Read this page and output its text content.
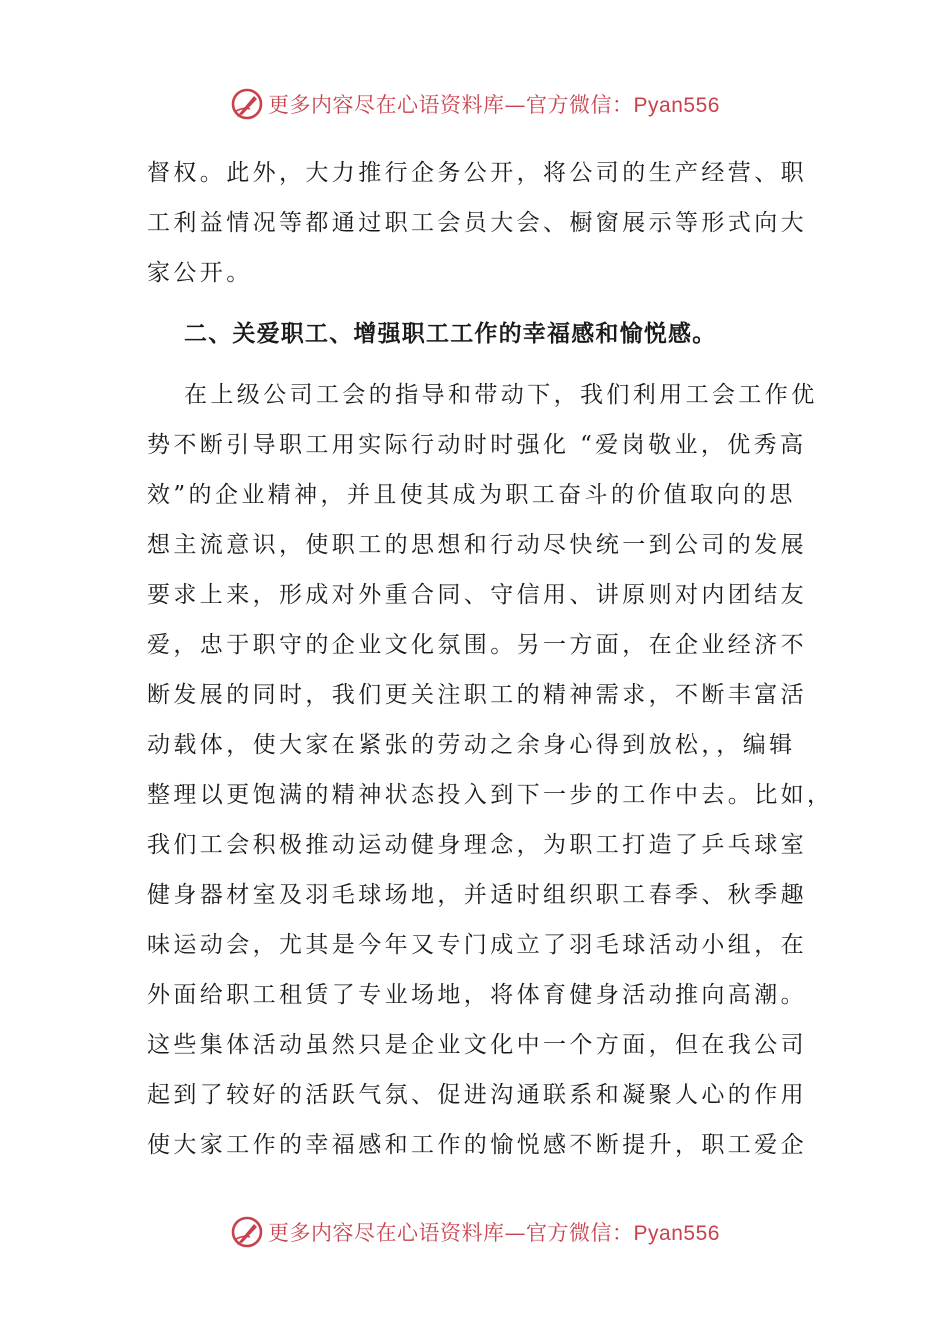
更多内容尽在心语资料库—官方微信：Pyan556
督权。此外，大力推行企务公开，将公司的生产经营、职
工利益情况等都通过职工会员大会、橱窗展示等形式向大
家公开。
二、关爱职工、增强职工工作的幸福感和愉悦感。
在上级公司工会的指导和带动下，我们利用工会工作优
势不断引导职工用实际行动时时强化 “爱岗敬业，优秀高
效”的企业精神，并且使其成为职工奋斗的价值取向的思
想主流意识，使职工的思想和行动尽快统一到公司的发展
要求上来，形成对外重合同、守信用、讲原则对内团结友
爱，忠于职守的企业文化氛围。另一方面，在企业经济不
断发展的同时，我们更关注职工的精神需求，不断丰富活
动载体，使大家在紧张的劳动之余身心得到放松，，编辑
整理以更饱满的精神状态投入到下一步的工作中去。比如，
我们工会积极推动运动健身理念，为职工打造了乒乓球室
健身器材室及羽毛球场地，并适时组织职工春季、秋季趣
味运动会，尤其是今年又专门成立了羽毛球活动小组，在
外面给职工租赁了专业场地，将体育健身活动推向高潮。
这些集体活动虽然只是企业文化中一个方面，但在我公司
起到了较好的活跃气氛、促进沟通联系和凝聚人心的作用
使大家工作的幸福感和工作的愉悦感不断提升，职工爱企
更多内容尽在心语资料库—官方微信：Pyan556
